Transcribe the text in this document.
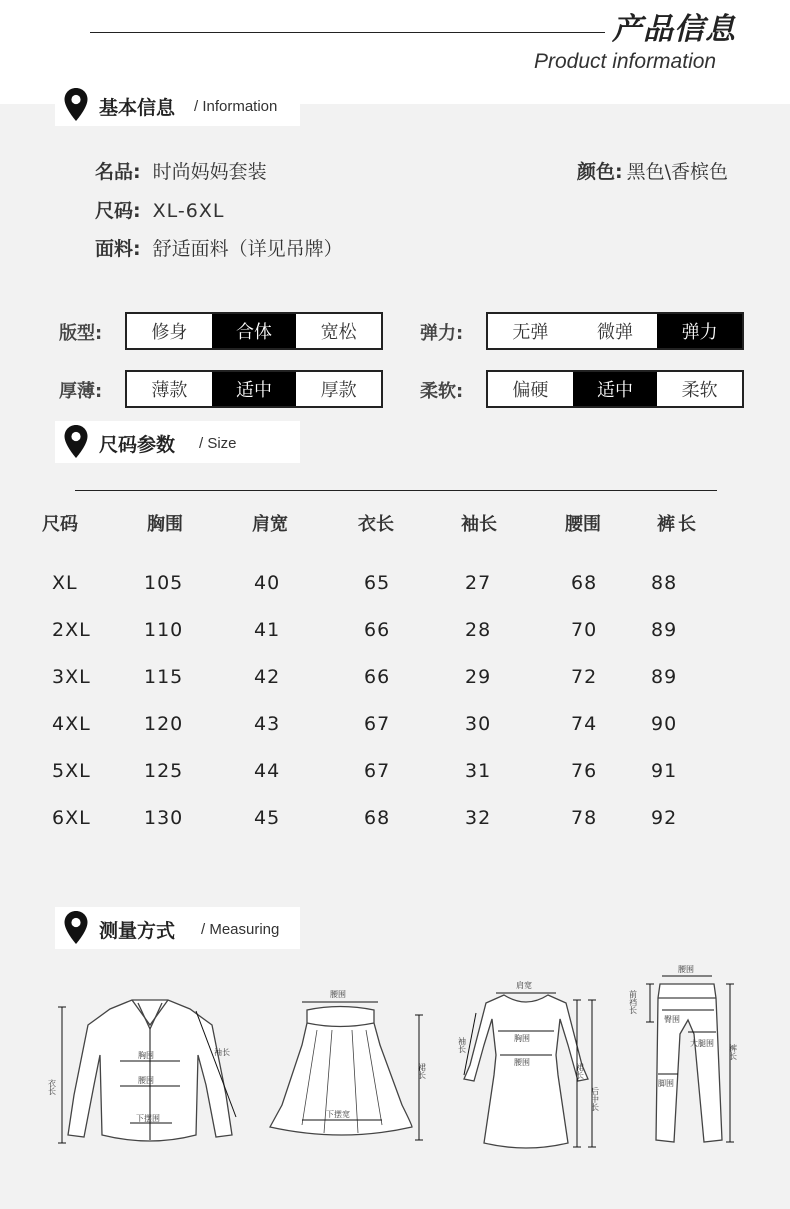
产品信息
Product information
基本信息 / Information
名品: 时尚妈妈套装	颜色: 黑色\香槟色
尺码: XL-6XL
面料: 舒适面料（详见吊牌）
版型:	修身	合体	宽松	弹力:	无弹	微弹	弹力
厚薄:	薄款	适中	厚款	柔软:	偏硬	适中	柔软
尺码参数 / Size
尺码	胸围	肩宽	衣长	袖长	腰围	裤长
XL	105	40	65	27	68	88
2XL	110	41	66	28	70	89
3XL	115	42	66	29	72	89
4XL	120	43	67	30	74	90
5XL	125	44	67	31	76	91
6XL	130	45	68	32	78	92
测量方式 / Measuring
衣长
胸围
腰围
下摆围
袖长
腰围
裙长
下摆宽
肩宽
袖长	胸围
腰围
裙长
后中长
腰围
前裆长
臀围
大腿围
裤长
脚围
